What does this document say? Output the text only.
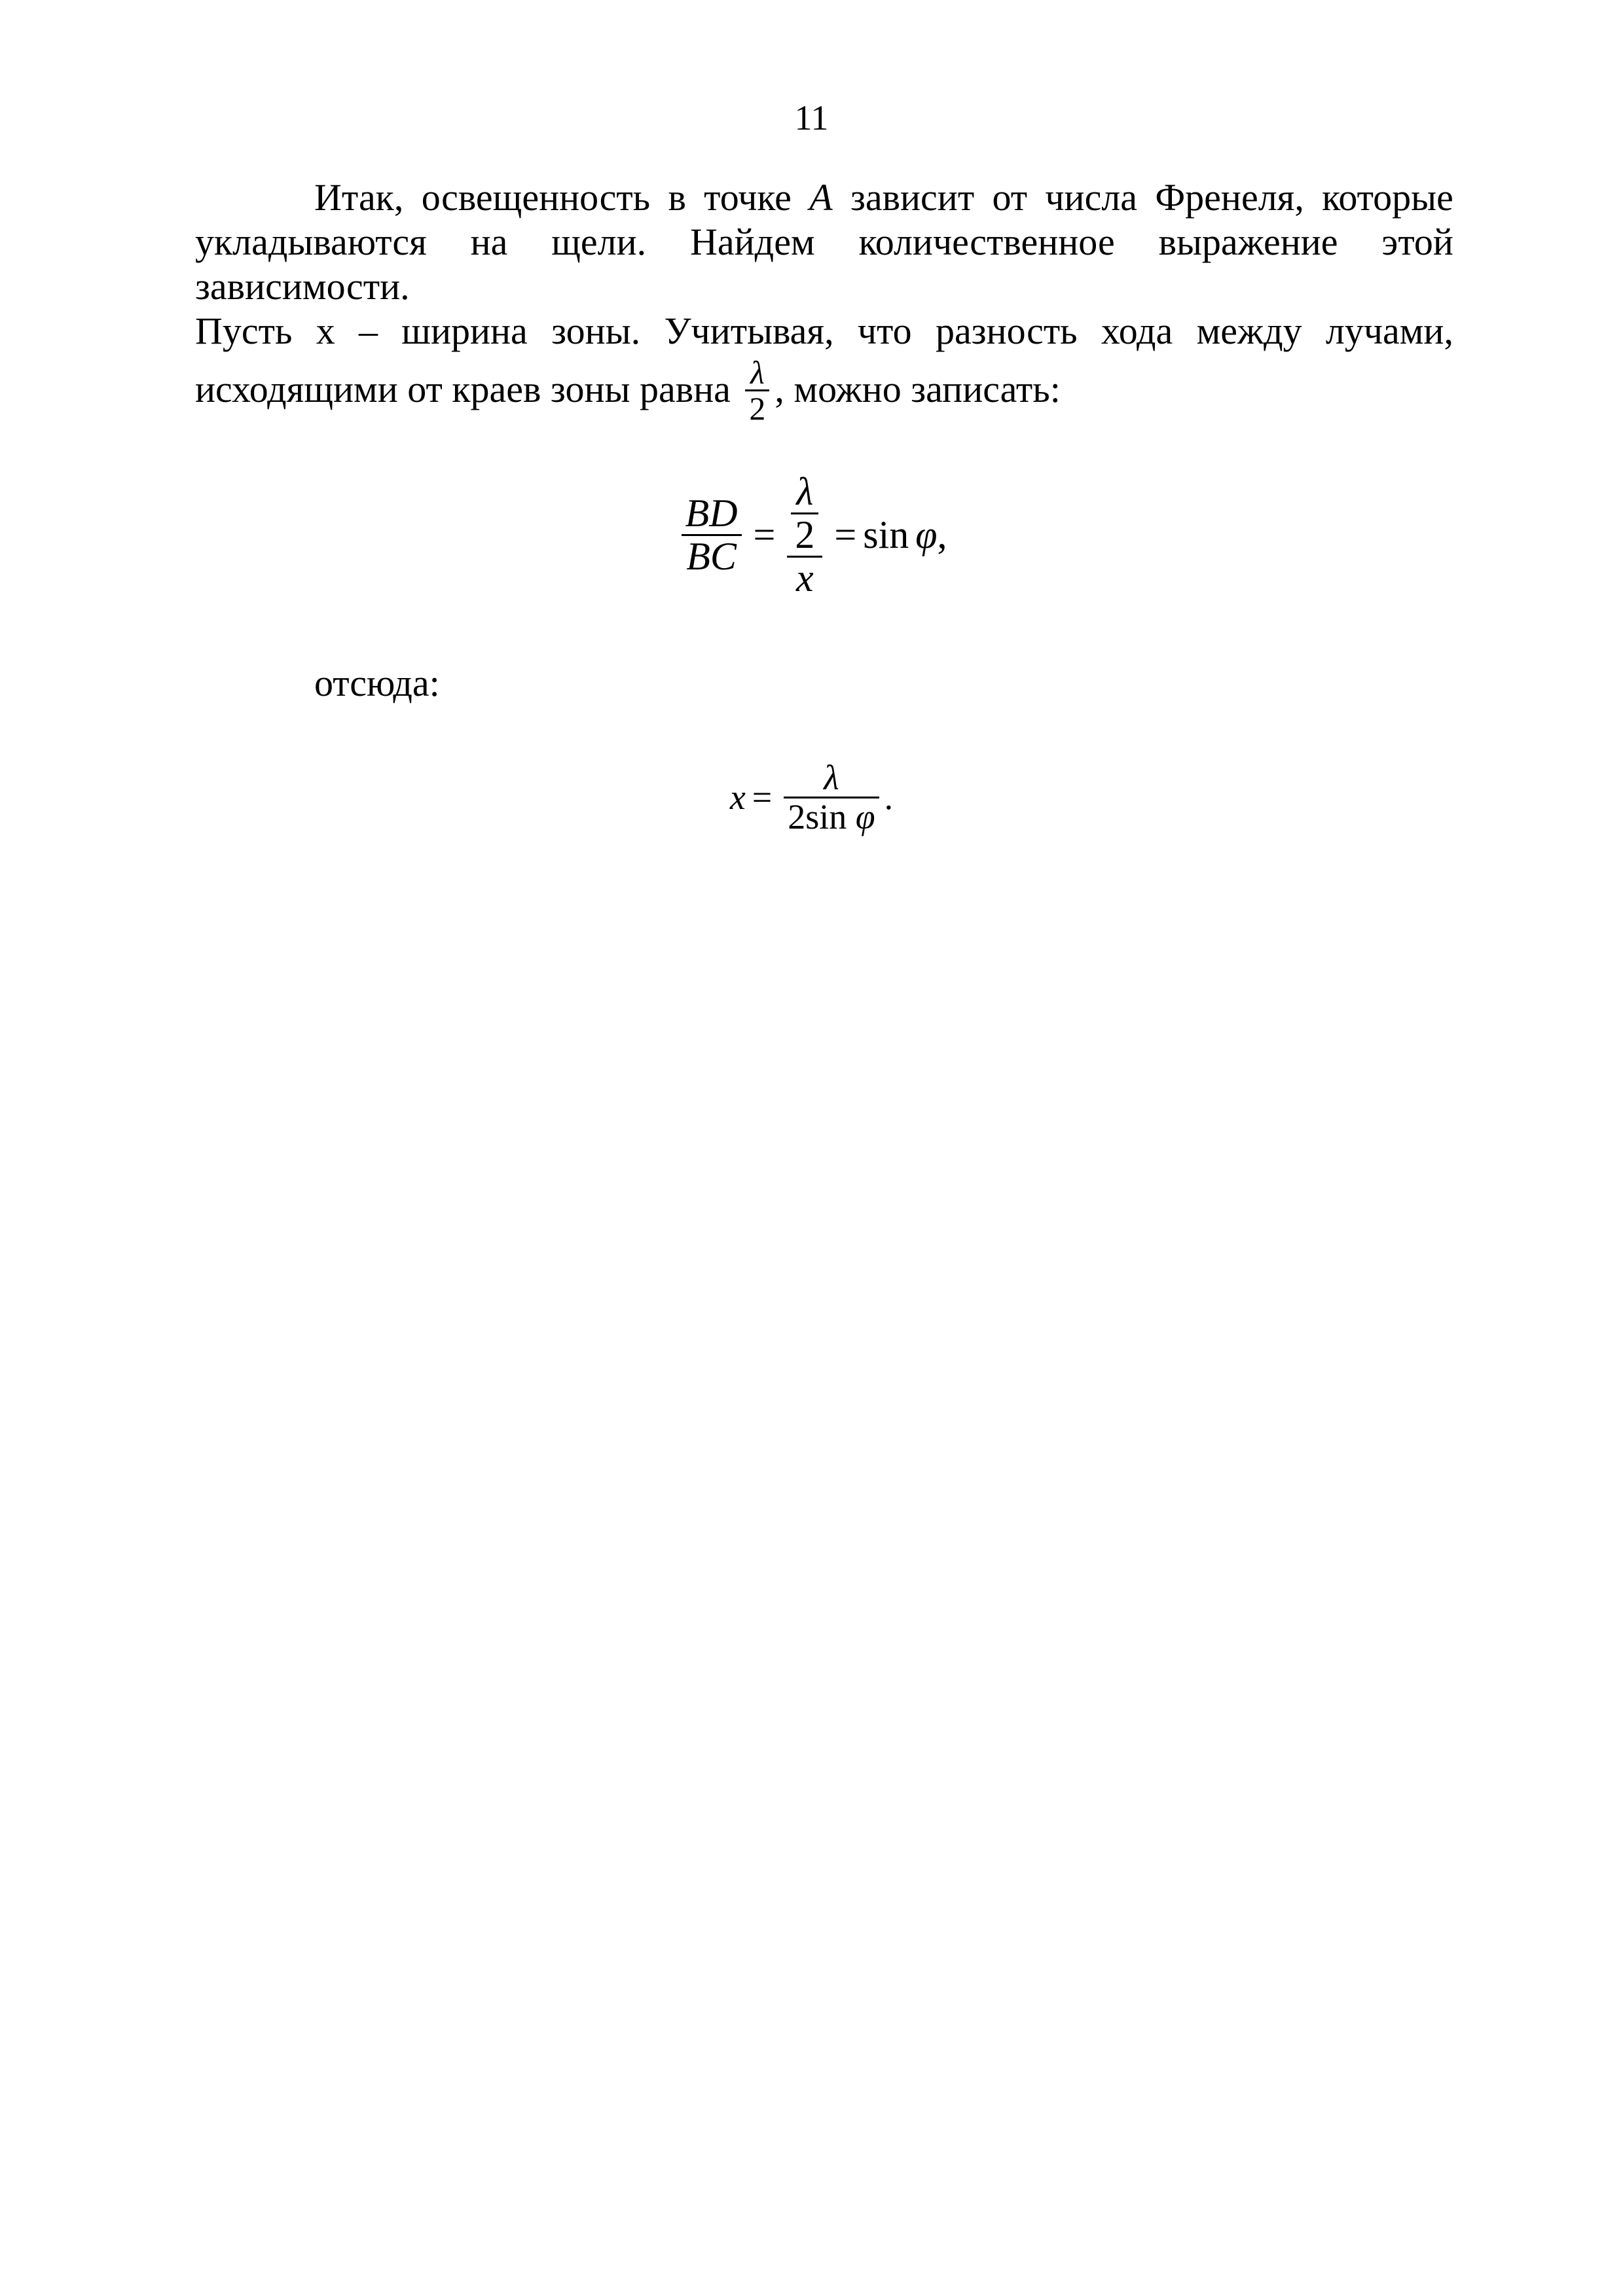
11
Итак, освещенность в точке A зависит от числа Френеля, которые
укладываются на щели. Найдем количественное выражение этой
зависимости.
Пусть x – ширина зоны. Учитывая, что разность хода между лучами,
исходящими от краев зоны равна $\frac{\lambda}{2}$ , можно записать:
$\frac{BD}{BC} = \frac{\frac{\lambda}{2}}{x} = \sin \varphi$ ,
отсюда:
$x = \frac{\lambda}{\text{2sin φ}}$ .
